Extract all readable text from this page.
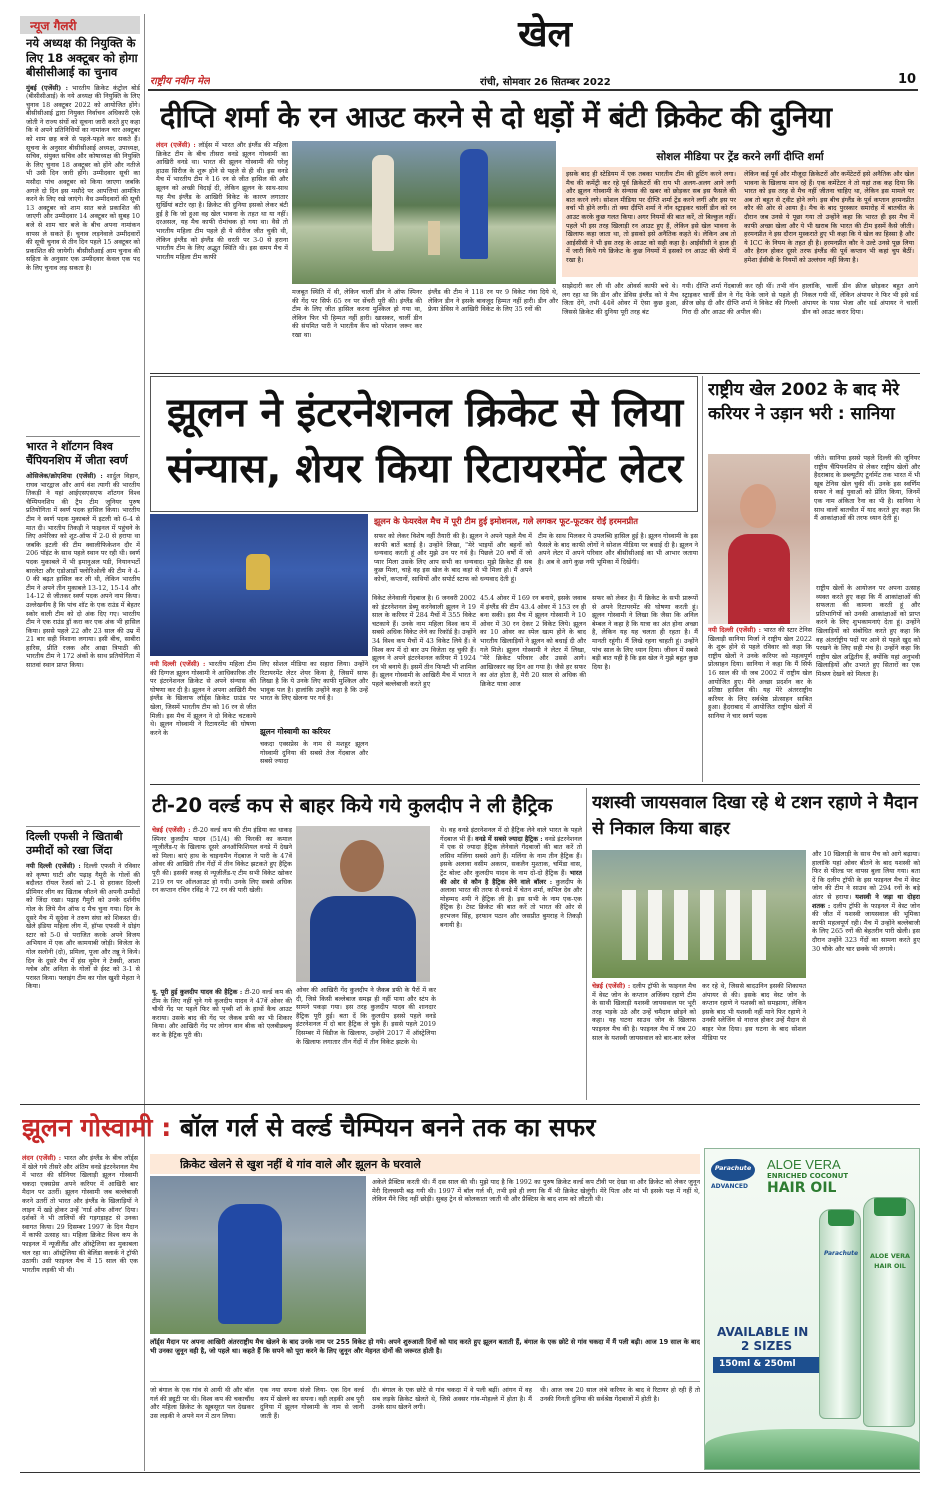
खेल
राष्ट्रीय नवीन मेल	रांची, सोमवार 26 सितम्बर 2022	10
न्यूज गैलरी
नये अध्यक्ष की नियुक्ति के लिए 18 अक्टूबर को होगा बीसीसीआई का चुनाव
मुंबई (एजेंसी) : भारतीय क्रिकेट कंट्रोल बोर्ड (बीसीसीआई) के नये अध्यक्ष की नियुक्ति के लिए चुनाव 18 अक्टूबर 2022 को आयोजित होंगे। बीसीसीआई द्वारा नियुक्त निर्वाचन अधिकारी एके जोती ने राज्य संघों को सूचना जारी करते हुए कहा कि वे अपने प्रतिनिधियों का नामांकन चार अक्टूबर को शाम छह बजे से पहले-पहले कर सकते हैं। सूचना के अनुसार बीसीसीआई अध्यक्ष, उपाध्यक्ष, सचिव, संयुक्त सचिव और कोषाध्यक्ष की नियुक्ति के लिए चुनाव 18 अक्टूबर को होंगे और नतीजे भी उसी दिन जारी होंगे। उम्मीदवार सूची का मसौदा पांच अक्टूबर को किया जाएगा जबकि अगले दो दिन इस मसौदे पर आपत्तियां आमंत्रित करने के लिए रखे जाएंगे। वैध उम्मीदवारों की सूची 13 अक्टूबर को शाम सात बजे प्रकाशित की जाएगी और उम्मीदवार 14 अक्टूबर को सुबह 10 बजे से शाम चार बजे के बीच अपना नामांकन वापस ले सकते हैं। चुनाव लड़नेवाले उम्मीदवारों की सूची चुनाव से तीन दिन पहले 15 अक्टूबर को प्रकाशित की जायेगी। बीसीसीआई आम चुनाव की सहिता के अनुसार एक उम्मीदवार केवल एक पद के लिए चुनाव लड़ सकता है।
भारत ने शॉटगन विश्व चैंपियनशिप में जीता स्वर्ण
ओसिजेक/क्रोएशिया (एजेंसी) : शार्दुल विहान, राघव भारद्वाज और आर्य वंश त्यागी की भारतीय तिकड़ी ने यहां आईएसएसएफ शॉटगन विश्व चैम्पियनशिप की ट्रैप टीम जूनियर पुरुष प्रतियोगिता में स्वर्ण पदक हासिल किया। भारतीय टीम ने स्वर्ण पदक मुकाबले में इटली को 6-4 से मात दी। भारतीय तिकड़ी ने फाइनल में पहुंचने के लिए अमेरिका को शूट-ऑफ में 2-0 से हराया था जबकि इटली की टीम क्वालीफिकेशन दौर में 206 पॉइंट के साथ पहले स्थान पर रही थी। स्वर्ण पदक मुकाबले में भी इमानुअल पडी, नियानभर्टो बारलेटा और एडोआर्डो फ्लोरिओली की टीम ने 4-0 की बढ़त हासिल कर ली थी, लेकिन भारतीय टीम ने अपने तीन मुकाबले 13-12, 15-14 और 14-12 से जीतकर स्वर्ण पदक अपने नाम किया। उल्लेखनीय है कि पांच शॉट के एक राउंड में बेहतर स्कोर वाली टीम को दो अंक दिए गए। भारतीय टीम ने एक राउंड ड्रॉ करा कर एक अंक भी हासिल किया। इससे पहले 22 और 23 साल की उम्र में 21 बार सही निशाना लगाया। इसी बीच, साबीरा हारिस, प्रीति रजक और आद्या त्रिपाठी की भारतीय टीम ने 172 अंकों के साथ प्रतियोगिता में सातवां स्थान प्राप्त किया।
दिल्ली एफसी ने खिताबी उम्मीदों को रखा जिंदा
नयी दिल्ली (एजेंसी) : दिल्ली एफसी ने रविवार को कृष्णा घाटी और पढ़ाह गैमुरी के गोलों की बदौलत रॉयल रेंजर्स को 2-1 से हराकर दिल्ली प्रीमियर लीग का खिताब जीतने की अपनी उम्मीदों को जिंदा रखा। पढ़ाह गैमुरी को उनके दर्शनीय गोल के लिये मैन ऑफ द मैच चुना गया। दिन के दूसरे मैच में सुदेवा ने तरुण संघा को शिकस्त दी। खेले इंडिया महिला लीग में, हॉप्स एफसी ने ग्रोइंग स्टार को 5-0 से पराजित करके अपने विजय अभियान में एक और कामयाबी जोड़ी। विजेता के गोल सलोनी (दो), प्रमिला, पूजा और तन्नू ने किये। दिन के दूसरे मैच में हंस वूमेन ने टेक्सी, आशा ग्लोब और अनिता के गोलों से ईस्ट को 3-1 से परास्त किया। फ्लाइंग टीम का गोल खुशी मेहता ने किया।
दीप्ति शर्मा के रन आउट करने से दो धड़ों में बंटी क्रिकेट की दुनिया
लंदन (एजेंसी) : लॉर्ड्स में भारत और इंग्लैंड की महिला क्रिकेट टीम के बीच तीसरा वनडे झूलन गोस्वामी का आखिरी वनडे था। भारत की झूलन गोस्वामी की घरेलू हाउस सिरीज के शुरू होने से पहले से ही थी। इस वनडे मैच में भारतीय टीम ने 16 रन से जीत हासिल की और झूलन को अच्छी विदाई दी, लेकिन झूलन के साथ-साथ यह मैच इंग्लैंड के आखिरी विकेट के कारण लगातार सुर्खियां बटोर रहा है। क्रिकेट की दुनिया इसको लेकर बंटी हुई है कि जो हुआ वह खेल भावना के तहत था या नहीं। दरअसल, यह मैच काफी रोमांचक हो गया था। वैसे तो भारतीय महिला टीम पहले ही ये सीरीज जीत चुकी थी, लेकिन इंग्लैंड को इंग्लैंड की धरती पर 3-0 से हराना भारतीय टीम के लिए अद्भुत स्थिति थी। इस समय मैच में भारतीय महिला टीम काफी
मजबूत स्थिति में थी, लेकिन चार्ली डीन ने ऑफ स्पिनर की गेंद पर सिर्फ 65 रन पर सेंचरी पूरी की। इंग्लैंड की टीम के लिए जीत हासिल करना मुश्किल हो गया था, लेकिन फिर भी हिम्मत नहीं हारी। खासकर, चार्ली डीन की संयमित पारी ने भारतीय कैंप को परेशान जरूर कर रखा था।
इंग्लैंड की टीम ने 118 रन पर 9 विकेट गंवा दिये थे, लेकिन डीन ने इसके बावजूद हिम्मत नहीं हारी। डीन और फ्रेया डेविस ने आखिरी विकेट के लिए 35 रनों की
सोशल मीडिया पर ट्रेंड करने लगीं दीप्ति शर्मा
इसके बाद ही स्टेडियम में एक तबका भारतीय टीम की हूटिंग करने लगा। मैच की कमेंट्री कर रहे पूर्व क्रिकेटरों की राय भी अलग-अलग आने लगी और झूलन गोस्वामी के संन्यास की खबर को छोड़कर सब इस फैसले की बात करने लगे। सोशल मीडिया पर दीप्ति शर्मा ट्रेंड करने लगीं और इस पर वर्चा भी होने लगी। तो क्या दीप्ति शर्मा ने नॉन स्ट्राइकर चार्ली डीन को रन आउट करके कुछ गलत किया। अगर नियमों की बात करें, तो बिल्कुल नहीं। पहले भी इस तरह खिलाड़ी रन आउट हुए हैं, लेकिन इसे खेल भावना के खिलाफ कहा जाता था, तो इसको इसे अनैतिक कहते थे। लेकिन अब तो आईसीसी ने भी इस तरह के आउट को सही कहा है। आईसीसी ने हाल ही में जारी किये गये क्रिकेट के कुछ नियमों में इसको रन आउट की श्रेणी में रखा है।
लेकिन कई पूर्व और मौजूदा क्रिकेटरों और कमेंटेटरों इसे अनैतिक और खेल भावना के खिलाफ मान रहे हैं। एक कमेंटेटर ने तो यहां तक कह दिया कि भारत को इस तरह से मैच नहीं जीतना चाहिए था, लेकिन इस मामले पर अब तो बहुत से ट्वीट होने लगे। इस बीच इंग्लैंड के पूर्व कप्तान हरमनप्रीत कौर की ओर से आया है। मैच के बाद पुरस्कार समारोह में बातचीत के दौरान जब उनसे ये पूछा गया तो उन्होंने कहा कि भारत ही इस मैच में काफी अच्छा खेला और ये भी खराब कि भारत की टीम इसमें कैसे जीती। हरमनप्रीत ने इस दौरान मुस्कराते हुए भी कहा कि ये खेल का हिस्सा है और ये ICC के नियम के तहत ही है। हरमनप्रीत कौर ने उल्टे उनसे पूछ लिया और हैरान होकर दूसरे तरफ इंग्लैंड की पूर्व कप्तान भी कहां चुप बैठीं। हमेशा ईसीबी के नियमों को उल्लंघन नहीं किया है।
साझेदारी कर ली थी और ओवर्स काफी बचे थे। लग रहा था कि डीन और डेविस इंग्लैंड को ये मैच जिता देंगे, तभी 44वें ओवर में ऐसा कुछ हुआ, जिससे क्रिकेट की दुनिया पूरी तरह बंट
गयी। दीप्ति शर्मा गेंदबाजी कर रही थीं। तभी नॉन स्ट्राइकर चार्ली डीन ने गेंद फेंके जाने से पहले ही क्रीज छोड़ दी और दीप्ति शर्मा ने विकेट की गिल्ली गिरा दी और आउट की अपील की।
हालांकि, चार्ली डीन क्रीज छोड़कर बहुत आगे निकल गयी थीं, लेकिन अंपायर ने फिर भी इसे थर्ड अंपायर के पास भेजा और थर्ड अंपायर ने चार्ली डीन को आउट करार दिया।
झूलन ने इंटरनेशनल क्रिकेट से लिया संन्यास, शेयर किया रिटायरमेंट लेटर
झूलन के फेयरवेल मैच में पूरी टीम हुई इमोशनल, गले लगकर फूट-फूटकर रोईं हरमनप्रीत
सफर को लेकर विशेष नहीं तैयारी की है। झूलन ने अपने पहले मैच में काफी बातें बताई है। उन्होंने लिखा, "मेरे भाइयों और बहनों को धन्यवाद करती हूं और मुझे उन पर गर्व है। पिछले 20 वर्षों में जो प्यार मिला उसके लिए आप सभी का धन्यवाद। मुझे क्रिकेट ही सब कुछ मिला, चाहे वह इस खेल के बाद कहां से भी मिला हो। मैं अपने कोचों, कप्तानों, साथियों और सपोर्ट स्टाफ को धन्यवाद देती हूं।
टीम के साथ मिलकर ये उपलब्धि हासिल हुई है। झूलन गोस्वामी के इस फैसले के बाद काफी लोगों ने सोशल मीडिया पर बधाई दी है। झूलन ने अपने लेटर में अपने परिवार और बीसीसीआई का भी आभार जताया है। अब वे आगे कुछ नयी भूमिका में दिखेंगी।
नयी दिल्ली (एजेंसी) : भारतीय महिला टीम की दिग्गज झूलन गोस्वामी ने आधिकारिक तौर पर इंटरनेशनल क्रिकेट से अपने संन्यास की घोषणा कर दी है। झूलन ने अपना आखिरी मैच इंग्लैंड के खिलाफ लॉर्ड्स क्रिकेट ग्राउंड पर खेला, जिसमें भारतीय टीम को 16 रन से जीत मिली। इस मैच में झूलन ने दो विकेट चटकाये थे। झूलन गोस्वामी ने रिटायरमेंट की घोषणा करने के
लिए सोशल मीडिया का सहारा लिया। उन्होंने रिटायरमेंट लेटर शेयर किया है, जिसमें साफ लिखा है कि ये उनके लिए काफी मुश्किल और भावुक पल है। हालांकि उन्होंने कहा है कि उन्हें भारत के लिए खेलना पर गर्व है।
झूलन गोस्वामी का करियर
चकदा एक्सप्रेस के नाम से मशहूर झूलन गोस्वामी दुनिया की सबसे तेज गेंदबाज और सबसे ज्यादा
विकेट लेनेवाली गेंदबाज है। 6 जनवरी 2002 को इंटरनेशनल डेब्यू करनेवाली झूलन ने 19 साल के करियर में 284 मैचों में 355 विकेट चटकाये हैं। उनके नाम महिला विश्व कप में सबसे अधिक विकेट लेने का रिकॉर्ड है। उन्होंने 34 विश्व कप मैचों में 43 विकेट लिये हैं। वे विश्व कप में दो बार उप विजेता रह चुकी हैं। झूलन ने अपने इंटरनेशनल करियर में 1924 रन भी बनाये हैं। इसमें तीन फिफ्टी भी शामिल हैं। झूलन गोस्वामी के आखिरी मैच में भारत ने पहले बल्लेबाजी करते हुए
45.4 ओवर में 169 रन बनाये, इसके जवाब में इंग्लैंड की टीम 43.4 ओवर में 153 रन ही बना सकी। इस मैच में झूलन गोस्वामी ने 10 ओवर में 30 रन देकर 2 विकेट लिये। झूलन का 10 ओवर का स्पेल खत्म होने के बाद भारतीय खिलाड़ियों ने झूलन को बधाई दी और गले मिले। झूलन गोस्वामी ने लेटर में लिखा, "मेरे क्रिकेट परिवार और उससे आगे। आखिरकार वह दिन आ गया है। जैसे हर सफर का अंत होता है, मेरी 20 साल से अधिक की क्रिकेट यात्रा आज
सफर को लेकर है। मैं क्रिकेट के सभी प्रारूपों से अपने रिटायरमेंट की घोषणा करती हूं। झूलन गोस्वामी ने लिखा कि जैसा कि अनिल बेम्बल ने कहा है कि यात्रा का अंत होना अच्छा है, लेकिन यह यह चलता ही रहता है। मैं मानती रहूंगी। मैं लिखे रहना चाहती हूं। उन्होंने पांच साल के लिए ध्यान दिया। जीवन में सबसे बड़ी बात यही है कि इस खेल ने मुझे बहुत कुछ दिया है।
राष्ट्रीय खेल 2002 के बाद मेरे करियर ने उड़ान भरी : सानिया
जीते। सानिया इससे पहले दिल्ली की जूनियर राष्ट्रीय चैंपियनशिप से लेकर राष्ट्रीय खेलों और हैदराबाद के डब्ल्यूटीए टूर्नामेंट तक भारत में भी खूब टेनिस खेल चुकी थीं। उनके इस स्वर्णिम सफर ने कई युवाओं को प्रेरित किया, जिनमें एक नाम अंकिता रैना का भी है। सानिया ने साथ वालों बातचीत में याद करते हुए कहा कि मैं आकांक्षाओं की तरफ ध्यान देती हूं।
नयी दिल्ली (एजेंसी) : भारत की स्टार टेनिस खिलाड़ी सानिया मिर्जा ने राष्ट्रीय खेल 2022 के शुरू होने से पहले रविवार को कहा कि राष्ट्रीय खेलों ने उनके करियर को महत्वपूर्ण प्रोत्साहन दिया। सानिया ने कहा कि मैं सिर्फ 16 साल की थी जब 2002 में राष्ट्रीय खेल आयोजित हुए। मैंने अच्छा प्रदर्शन कर के प्रतिष्ठा हासिल की। यह मेरे अंतरराष्ट्रीय करियर के लिए सर्वश्रेष्ठ प्रोत्साहन साबित हुआ। हैदराबाद में आयोजित राष्ट्रीय खेलों में सानिया ने चार स्वर्ण पदक
राष्ट्रीय खेलों के आयोजन पर अपना उत्साह व्यक्त करते हुए कहा कि मैं आकांक्षाओं की सफलता की कामना करती हूं और प्रतिभागियों को उनकी आकांक्षाओं को प्राप्त करने के लिए शुभकामनाएं देता हूं। उन्होंने खिलाड़ियों को संबोधित करते हुए कहा कि वह अंतर्राष्ट्रीय पदों पर आने से पहले खुद को परखने के लिए सही मंच है। उन्होंने कहा कि राष्ट्रीय खेल अद्वितीय हैं, क्योंकि यहां अनुभवी खिलाड़ियों और उभरते हुए सितारों का एक मिश्रण देखने को मिलता है।
टी-20 वर्ल्ड कप से बाहर किये गये कुलदीप ने ली हैट्रिक
चेन्नई (एजेंसी) : टी-20 वर्ल्ड कप की टीम इंडिया का धाकड़ स्पिनर कुलदीप यादव (51/4) की फिरकी का कमाल न्यूजीलैंड-ए के खिलाफ दूसरे अनऑफिशियल वनडे में देखने को मिला। बाएं हाथ के चाइनामैन गेंदबाज ने पारी के 47वें ओवर की आखिरी तीन गेंदों में तीन विकेट झटकते हुए हैट्रिक पूरी की। इसकी वजह से न्यूजीलैंड-ए टीम सभी विकेट खोकर 219 रन पर ऑलआउट हो गयी। उनके लिए सबसे अधिक रन कप्तान रचिन रविंद्र ने 72 रन की पारी खेली।
यू. पूरी हुई कुलदीप यादव की हैट्रिक : टी-20 वर्ल्ड कप की टीम के लिए नहीं चुने गये कुलदीप यादव ने 47वें ओवर की चौथी गेंद पर पहले फिर को पृथ्वी शॉ के हाथों कैच आउट कराया। उसके बाद की गेंद पर जैकब डफी का भी शिकार किया। और आखिरी गेंद पर लोगन वान बीक को एलबीडब्ल्यू कर के हैट्रिक पूरी की।
ओवर की आखिरी गेंद कुलदीप ने जैकब डफी के पैरों में कर दी, जिसे किसी बल्लेबाज समझ ही नहीं पाया और स्टंप के सामने पकड़ा गया। इस तरह कुलदीप यादव की शानदार हैट्रिक पूरी हुई। बता दें कि कुलदीप इससे पहले वनडे इंटरनेशनल में दो बार हैट्रिक ले चुके हैं। इससे पहले 2019 दिसम्बर में विंडीज के खिलाफ, उन्होंने 2017 में ऑस्ट्रेलिया के खिलाफ लगातार तीन गेंदों में तीन विकेट झटके थे।
थे। वह वनडे इंटरनेशनल में दो हैट्रिक लेने वाले भारत के पहले गेंदबाज भी हैं। वनडे में सबसे ज्यादा हैट्रिक : वनडे इंटरनेशनल में एक से ज्यादा हैट्रिक लेनेवाले गेंदबाजों की बात करें तो लसिथ मलिंगा सबसे आगे हैं। मलिंगा के नाम तीन हैट्रिक हैं। इसके अलावा वसीम अकरम, सकलैन मुश्ताक, चमिंडा वास, ट्रेंट बोल्ट और कुलदीप यादव के नाम दो-दो हैट्रिक हैं। भारत की ओर से कौन है हैट्रिक लेने वाले बॉलर : कुलदीप के अलावा भारत की तरफ से वनडे में चेतन शर्मा, कपिल देव और मोहम्मद शमी ने हैट्रिक ली है। इस सभी के नाम एक-एक हैट्रिक है। टेस्ट क्रिकेट की बात करें तो भारत की ओर से हरभजन सिंह, इरफान पठान और जसप्रीत बुमराह ने तिकड़ी बनायी है।
यशस्वी जायसवाल दिखा रहे थे टशन रहाणे ने मैदान से निकाल किया बाहर
चेन्नई (एजेंसी) : दलीप ट्रॉफी के फाइनल मैच में वेस्ट जोन के कप्तान अजिंक्य रहाणे टीम के साथी खिलाड़ी यशस्वी जायसवाल पर भूरी तरह भड़के उठे और उन्हें चमैदान छोड़ने को कहा। यह घटना साउथ जोन के खिलाफ फाइनल मैच की है। फाइनल मैच में जब 20 साल के यशस्वी जायसवाल को बार-बार स्लेज
कर रहे थे, जिससे बादउनिन इसकी शिकायत अंपायर से की। इसके बाद वेस्ट जोन के कप्तान रहाणे ने यशस्वी को समझाया, लेकिन इसके बाद भी यशस्वी नहीं माने फिर रहाणे ने उनकी स्लेजिंग से नाराज होकर उन्हें मैदान से बाहर भेज दिया। इस घटना के बाद सोशल मीडिया पर
और 10 खिलाड़ी के साथ मैच को आगे बढ़ाया। हालांकि यहां ओवर बीतने के बाद यशस्वी को फिर से फील्ड पर वापस बुला लिया गया। बता दें कि दलीप ट्रॉफी के इस फाइनल मैच में वेस्ट जोन की टीम ने साउथ को 294 रनों के बड़े अंतर से हराया। यशस्वी ने जड़ा था दोहरा शतक : दलीप ट्रॉफी के फाइनल में वेस्ट जोन की जीत में यशस्वी जायसवाल की भूमिका काफी महत्वपूर्ण रही। मैच में उन्होंने बल्लेबाजी के लिए 265 रनों की बेहतरीन पारी खेली। इस दौरान उन्होंने 323 गेंदों का सामना करते हुए 30 चौके और चार छक्के भी लगाये।
झूलन गोस्वामी : बॉल गर्ल से वर्ल्ड चैम्पियन बनने तक का सफर
लंदन (एजेंसी) : भारत और इंग्लैंड के बीच लॉर्ड्स में खेले गये तीसरे और अंतिम वनडे इंटरनेशनल मैच में भारत की सीनियर खिलाड़ी झूलन गोस्वामी चकदा एक्सप्रेस अपने करियर में आखिरी बार मैदान पर उतरीं। झूलन गोस्वामी जब बल्लेबाजी करने उतरीं तो भारत और इंग्लैंड के खिलाड़ियों ने लाइन में खड़े होकर उन्हें 'गार्ड ऑफ ऑनर' दिया। दर्शकों ने भी तालियों की गड़गड़ाहट से उनका स्वागत किया। 29 दिसम्बर 1997 के दिन मैदान में काफी उत्साह था। महिला क्रिकेट विश्व कप के फाइनल में न्यूजीलैंड और ऑस्ट्रेलिया का मुकाबला चल रहा था। ऑस्ट्रेलिया की बेलिंडा क्लार्क ने ट्रॉफी उठायी। उसी फाइनल मैच में 15 साल की एक भारतीय लड़की भी थी।
क्रिकेट खेलने से खुश नहीं थे गांव वाले और झूलन के घरवाले
अकेले प्रैक्टिस करती थी। मैं दस साल की थी। मुझे याद है कि 1992 का पुरुष क्रिकेट वर्ल्ड कप टीवी पर देखा था और क्रिकेट को लेकर जुनून मेरी दिलचस्पी बढ़ गयी थी। 1997 में बॉल गर्ल थी, तभी इसे ही लगा कि मैं भी क्रिकेट खेलूंगी। मेरे पिता और मां भी इसके पक्ष में नहीं थे, लेकिन मैंने जिद नहीं छोड़ी। सुबह ट्रेन से कोलकाता जाती थी और प्रैक्टिस के बाद शाम को लौटती थी।
लॉर्ड्स मैदान पर अपना आखिरी अंतरराष्ट्रीय मैच खेलने के बाद उनके नाम पर 255 विकेट हो गये। अपने शुरुआती दिनों को याद करते हुए झूलन बताती हैं, बंगाल के एक छोटे से गांव चकदा में मैं पली बढ़ी। आज 19 साल के बाद भी उनका जुनून वही है, जो पहले था। कहते हैं कि सपने को पूरा करने के लिए जुनून और मेहनत दोनों की जरूरत होती है।
जो बंगाल के एक गांव से आयी थी और बॉल गर्ल की ड्यूटी पर थी। विश्व कप की चकाचौंध और महिला क्रिकेट के खूबसूरत पल देखकर उस लड़की ने अपने मन में ठान लिया।
एक नया सपना संजो लिया- एक दिन वर्ल्ड कप में खेलने का सपना। वही लड़की अब पूरी दुनिया में झूलन गोस्वामी के नाम से जानी जाती हैं।
दी। बंगाल के एक छोटे से गांव चकदा में वे पली बढ़ीं। आंगन में वह सब लड़के क्रिकेट खेलते थे, जिसे अक्सर गांव-मोहल्ले में होता है। मैं उनके साथ खेलने लगी।
थी। आज जब 20 साल लंबे करियर के बाद वे रिटायर हो रही हैं तो उनकी गिनती दुनिया की सर्वश्रेष्ठ गेंदबाजों में होती है।
Parachute
ADVANCED
ALOE VERA
ENRICHED COCONUT
HAIR OIL
AVAILABLE IN
2 SIZES
150ml & 250ml
Parachute	ALOE VERA
HAIR OIL
